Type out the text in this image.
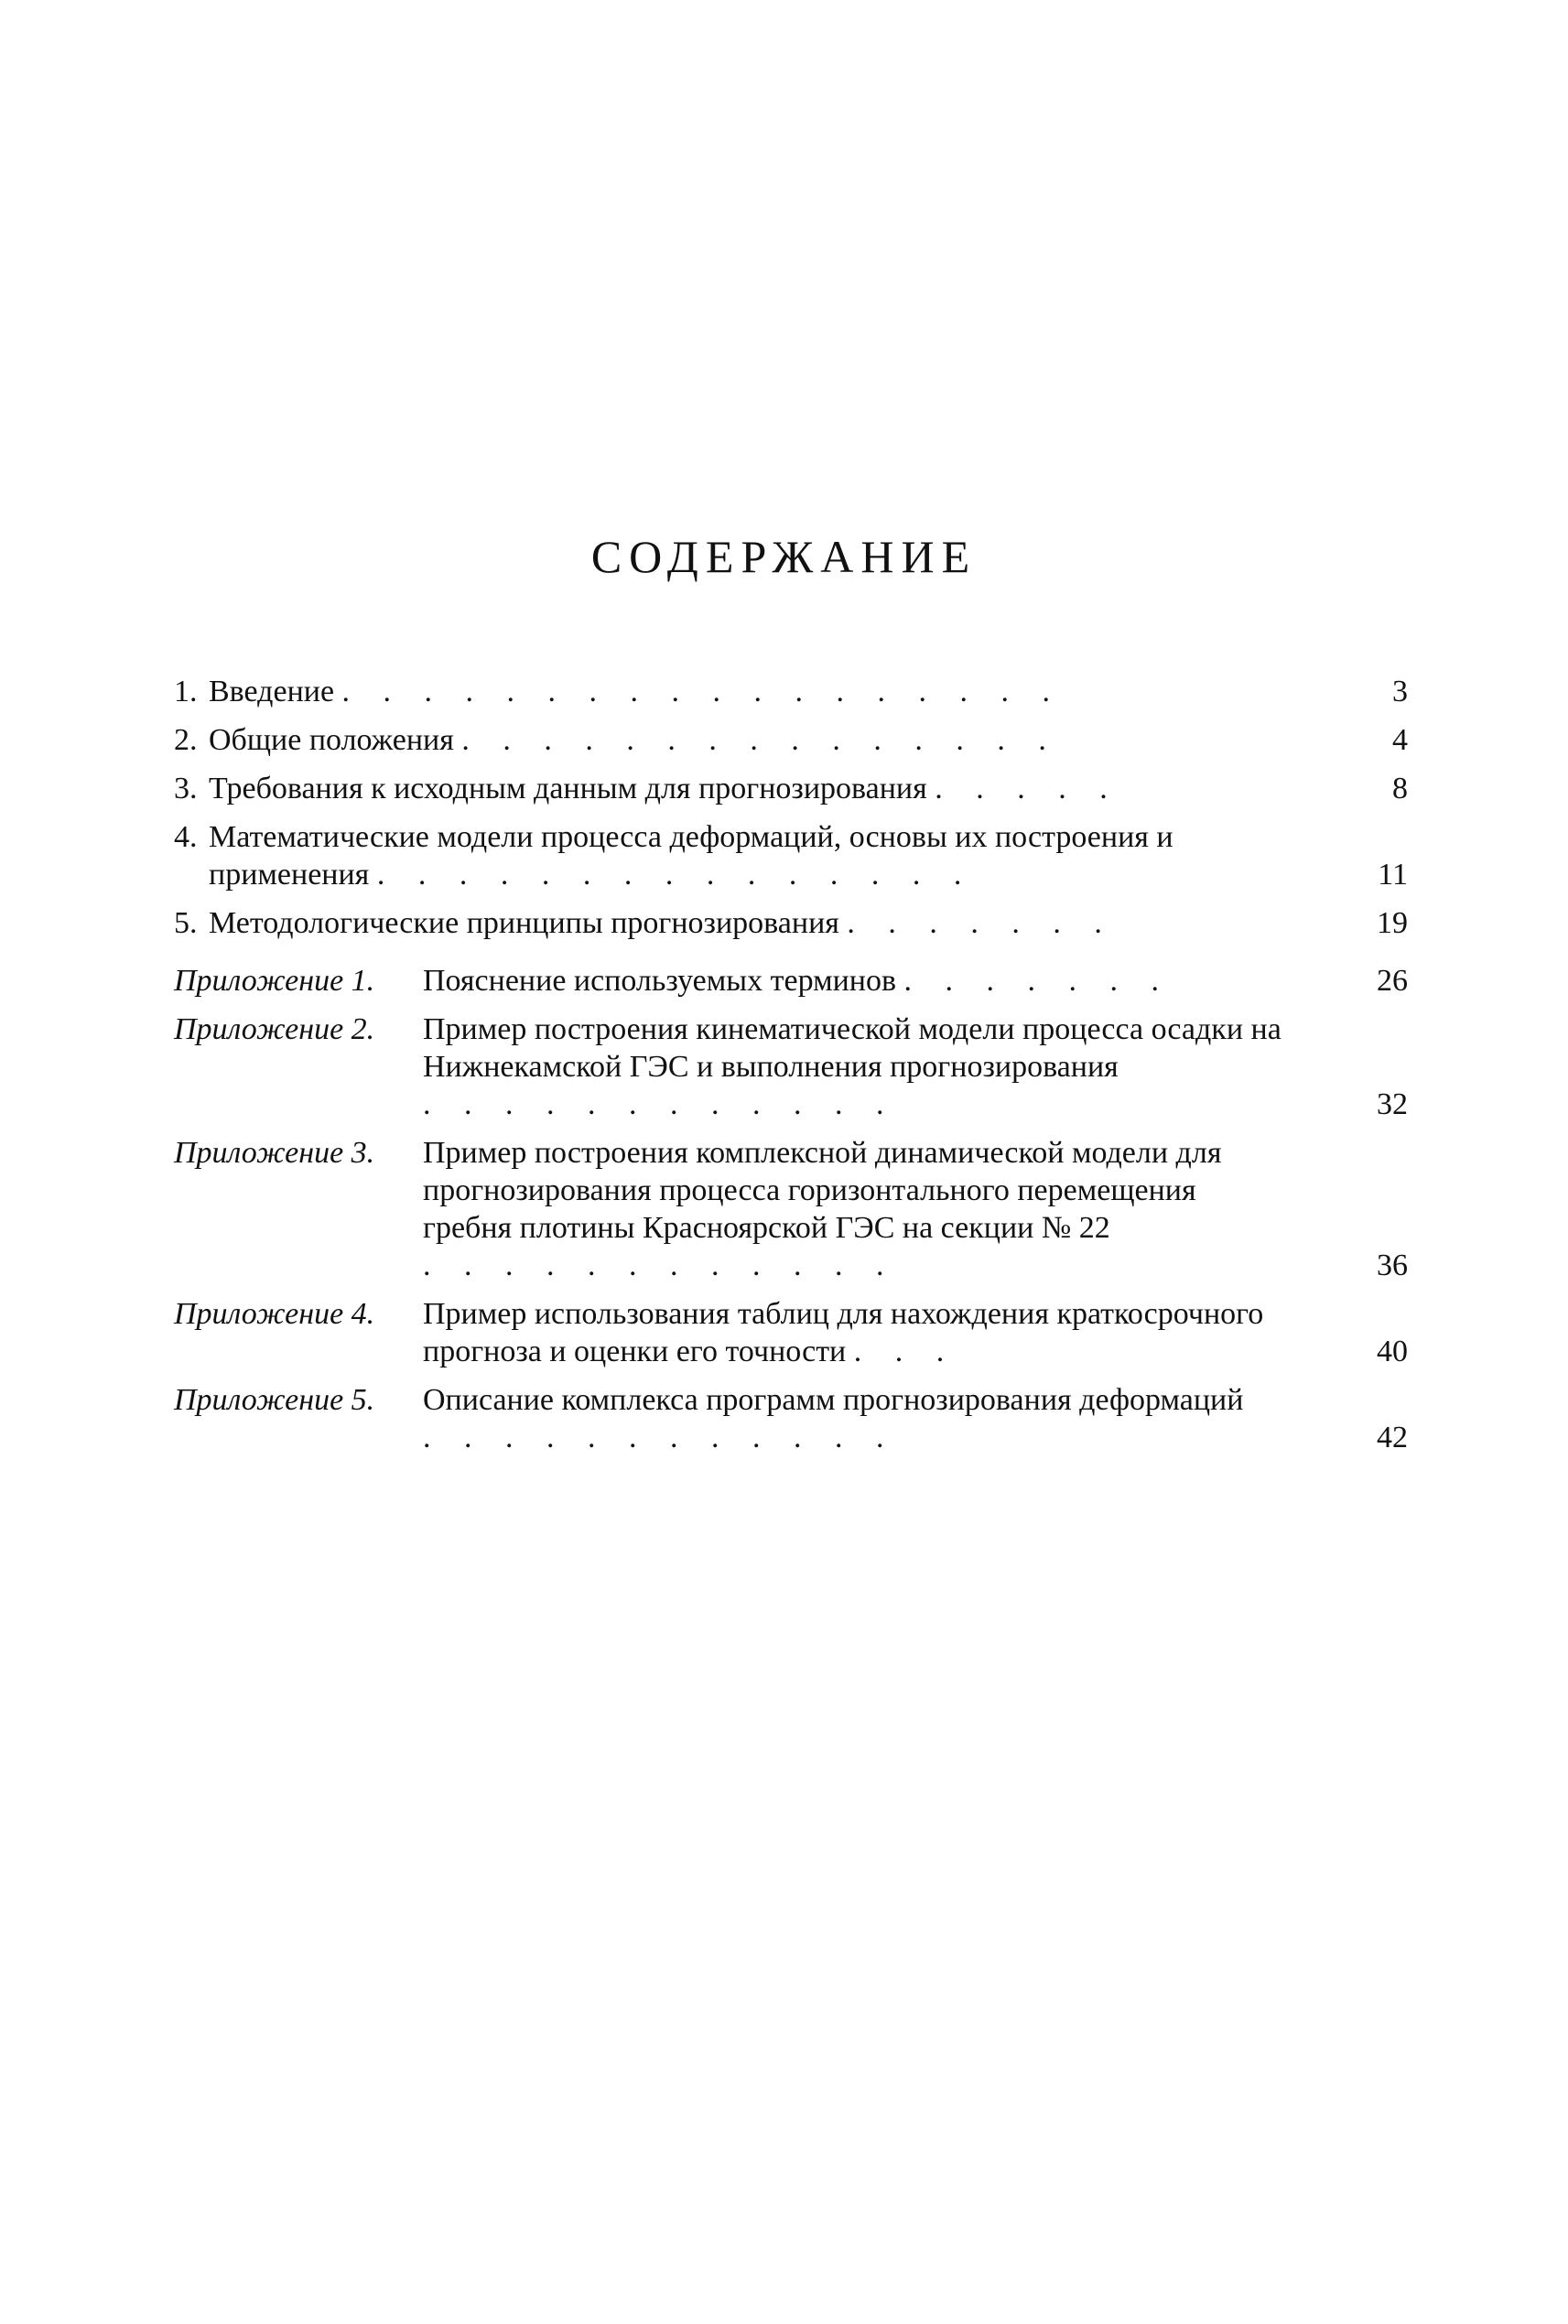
СОДЕРЖАНИЕ
1. Введение . . . . . . . . . . . . . . . . . .	3
2. Общие положения . . . . . . . . . . . . . . .	4
3. Требования к исходным данным для прогнозирования . . . . .	8
4. Математические модели процесса деформаций, основы их построения и применения . . . . . . . . . . . . . . .	11
5. Методологические принципы прогнозирования . . . . . . .	19
Приложение 1. Пояснение используемых терминов . . . . . . .	26
Приложение 2. Пример построения кинематической модели процесса осадки на Нижнекамской ГЭС и выполнения прогнозирования . . . . . . . . . . . .	32
Приложение 3. Пример построения комплексной динамической модели для прогнозирования процесса горизонтального перемещения гребня плотины Красноярской ГЭС на секции № 22 . . . . . . . . . . . .	36
Приложение 4. Пример использования таблиц для нахождения краткосрочного прогноза и оценки его точности . . .	40
Приложение 5. Описание комплекса программ прогнозирования деформаций . . . . . . . . . . . .	42
